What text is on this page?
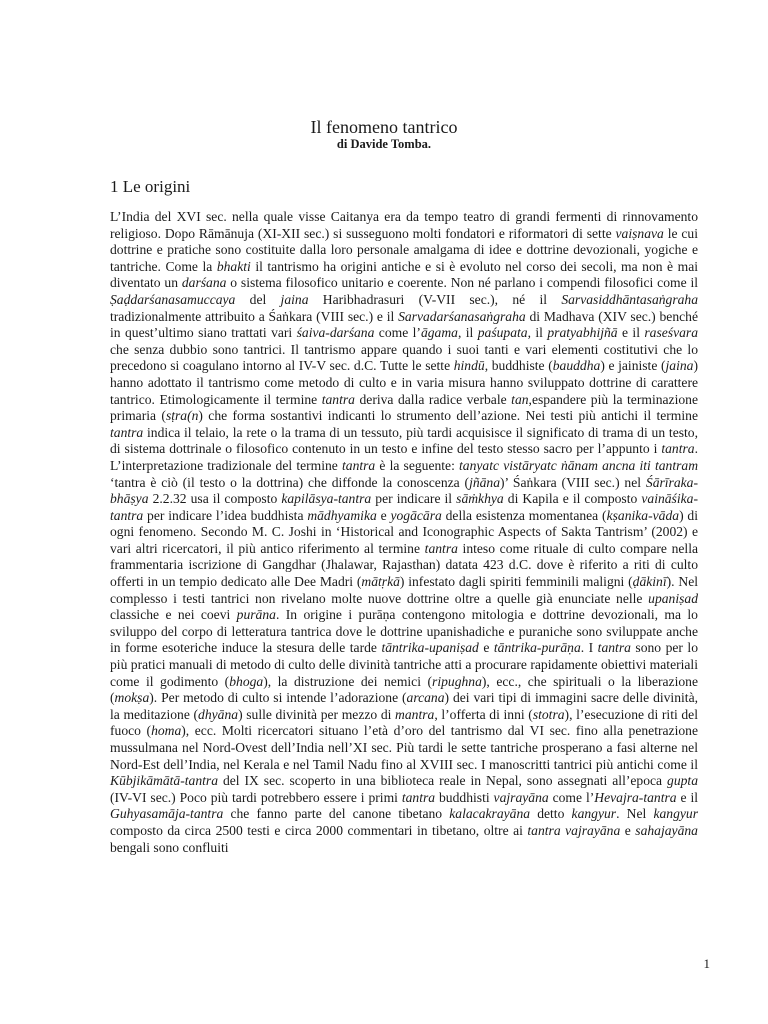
Il fenomeno tantrico
di Davide Tomba.
1 Le origini

L’India del XVI sec. nella quale visse Caitanya era da tempo teatro di grandi fermenti di rinnovamento religioso. Dopo Rāmānuja (XI-XII sec.) si susseguono molti fondatori e riformatori di sette vaiṣnava le cui dottrine e pratiche sono costituite dalla loro personale amalgama di idee e dottrine devozionali, yogiche e tantriche. Come la bhakti il tantrismo ha origini antiche e si è evoluto nel corso dei secoli, ma non è mai diventato un darśana o sistema filosofico unitario e coerente. Non né parlano i compendi filosofici come il Ṣaḍdarśanasamuccaya del jaina Haribhadrasuri (V-VII sec.), né il Sarvasiddhāntasaṅgraha tradizionalmente attribuito a Śaṅkara (VIII sec.) e il Sarvadarśanasaṅgraha di Madhava (XIV sec.) benché in quest’ultimo siano trattati vari śaiva-darśana come l’āgama, il paśupata, il pratyabhijñā e il raseśvara che senza dubbio sono tantrici. Il tantrismo appare quando i suoi tanti e vari elementi costitutivi che lo precedono si coagulano intorno al IV-V sec. d.C. Tutte le sette hindū, buddhiste (bauddha) e jainiste (jaina) hanno adottato il tantrismo come metodo di culto e in varia misura hanno sviluppato dottrine di carattere tantrico. Etimologicamente il termine tantra deriva dalla radice verbale tan,espandere più la terminazione primaria (sṭra(n) che forma sostantivi indicanti lo strumento dell’azione. Nei testi più antichi il termine tantra indica il telaio, la rete o la trama di un tessuto, più tardi acquisisce il significato di trama di un testo, di sistema dottrinale o filosofico contenuto in un testo e infine del testo stesso sacro per l’appunto i tantra. L’interpretazione tradizionale del termine tantra è la seguente: tanyatc vistāryatc ṅānam ancna iti tantram ‘tantra è ciò (il testo o la dottrina) che diffonde la conoscenza (jñāna)’ Śaṅkara (VIII sec.) nel Śārīraka-bhāṣya 2.2.32 usa il composto kapilāsya-tantra per indicare il sāṁkhya di Kapila e il composto vaināśika-tantra per indicare l’idea buddhista mādhyamika e yogācāra della esistenza momentanea (kṣanika-vāda) di ogni fenomeno. Secondo M. C. Joshi in ‘Historical and Iconographic Aspects of Sakta Tantrism’ (2002) e vari altri ricercatori, il più antico riferimento al termine tantra inteso come rituale di culto compare nella frammentaria iscrizione di Gangdhar (Jhalawar, Rajasthan) datata 423 d.C. dove è riferito a riti di culto offerti in un tempio dedicato alle Dee Madri (mātṛkā) infestato dagli spiriti femminili maligni (ḍākinī). Nel complesso i testi tantrici non rivelano molte nuove dottrine oltre a quelle già enunciate nelle upaniṣad classiche e nei coevi purāna. In origine i purāṇa contengono mitologia e dottrine devozionali, ma lo sviluppo del corpo di letteratura tantrica dove le dottrine upanishadiche e puraniche sono sviluppate anche in forme esoteriche induce la stesura delle tarde tāntrika-upaniṣad e tāntrika-purāṇa. I tantra sono per lo più pratici manuali di metodo di culto delle divinità tantriche atti a procurare rapidamente obiettivi materiali come il godimento (bhoga), la distruzione dei nemici (ripughna), ecc., che spirituali o la liberazione (mokṣa). Per metodo di culto si intende l’adorazione (arcana) dei vari tipi di immagini sacre delle divinità, la meditazione (dhyāna) sulle divinità per mezzo di mantra, l’offerta di inni (stotra), l’esecuzione di riti del fuoco (homa), ecc. Molti ricercatori situano l’età d’oro del tantrismo dal VI sec. fino alla penetrazione mussulmana nel Nord-Ovest dell’India nell’XI sec. Più tardi le sette tantriche prosperano a fasi alterne nel Nord-Est dell’India, nel Kerala e nel Tamil Nadu fino al XVIII sec. I manoscritti tantrici più antichi come il Kūbjikāmātā-tantra del IX sec. scoperto in una biblioteca reale in Nepal, sono assegnati all’epoca gupta (IV-VI sec.) Poco più tardi potrebbero essere i primi tantra buddhisti vajrayāna come l’Hevajra-tantra e il Guhyasamāja-tantra che fanno parte del canone tibetano kalacakrayāna detto kangyur. Nel kangyur composto da circa 2500 testi e circa 2000 commentari in tibetano, oltre ai tantra vajrayāna e sahajayāna bengali sono confluiti

1
